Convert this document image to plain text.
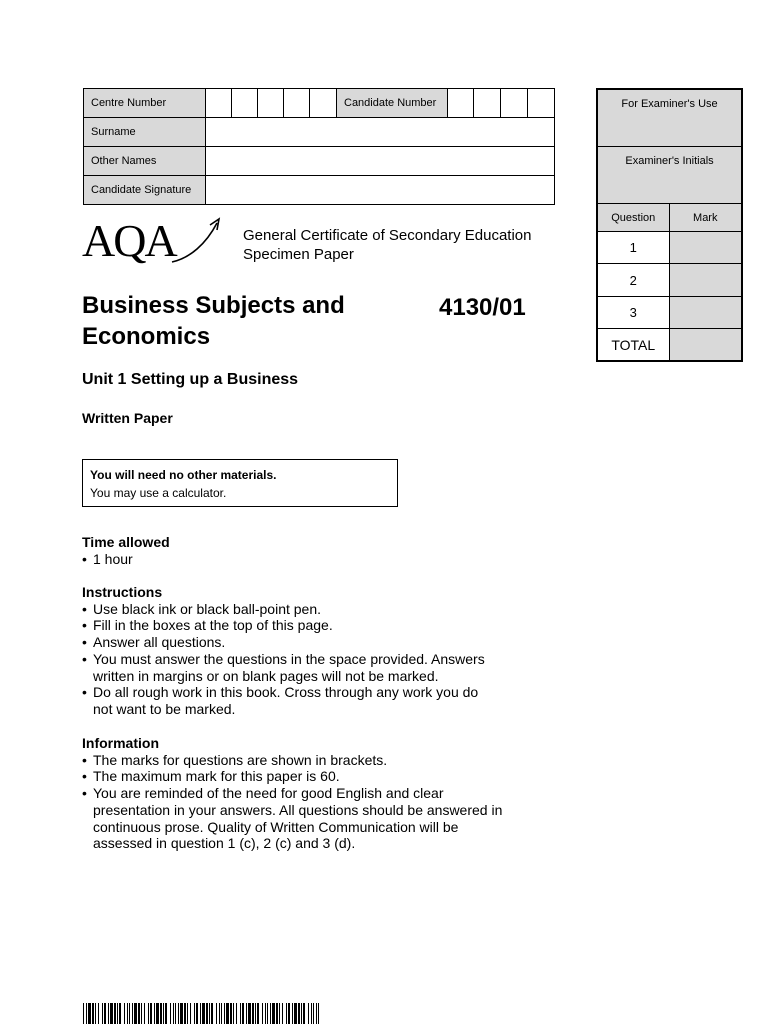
Centre Number						Candidate Number				
Surname										
Other Names										
Candidate Signature										
For Examiner's Use	
Examiner's Initials	
Question	Mark
1	
2	
3	
TOTAL	
AQA	General Certificate of Secondary Education
Specimen Paper
Business Subjects and
Economics
4130/01
Unit 1 Setting up a Business
Written Paper
You will need no other materials.
You may use a calculator.
Time allowed
• 1 hour
Instructions
• Use black ink or black ball-point pen.
• Fill in the boxes at the top of this page.
• Answer all questions.
• You must answer the questions in the space provided. Answers written in margins or on blank pages will not be marked.
• Do all rough work in this book. Cross through any work you do not want to be marked.
Information
• The marks for questions are shown in brackets.
• The maximum mark for this paper is 60.
• You are reminded of the need for good English and clear presentation in your answers. All questions should be answered in continuous prose. Quality of Written Communication will be assessed in question 1 (c), 2 (c) and 3 (d).
